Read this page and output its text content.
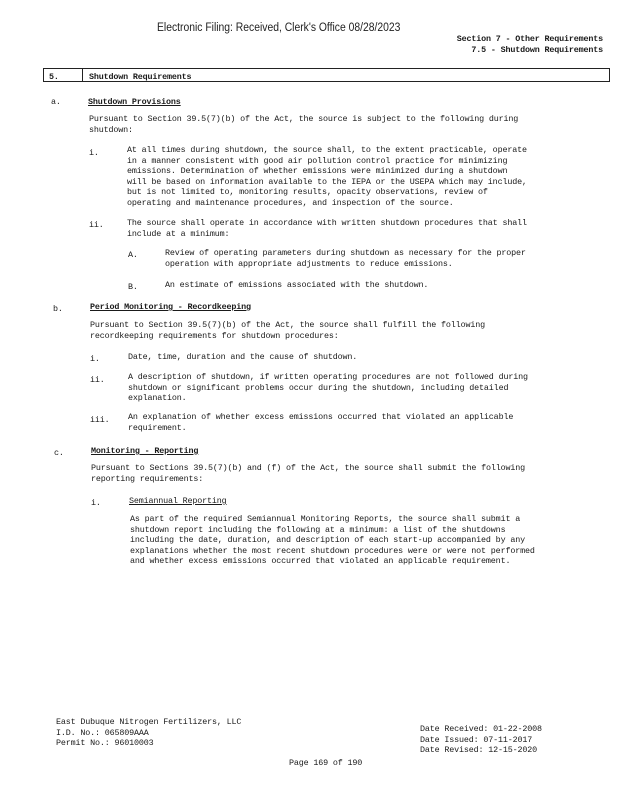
Electronic Filing: Received, Clerk's Office 08/28/2023
Section 7 - Other Requirements
7.5 - Shutdown Requirements
5.	Shutdown Requirements
a.	Shutdown Provisions
Pursuant to Section 39.5(7)(b) of the Act, the source is subject to the following during
shutdown:
i.	At all times during shutdown, the source shall, to the extent practicable, operate
in a manner consistent with good air pollution control practice for minimizing
emissions. Determination of whether emissions were minimized during a shutdown
will be based on information available to the IEPA or the USEPA which may include,
but is not limited to, monitoring results, opacity observations, review of
operating and maintenance procedures, and inspection of the source.
ii.	The source shall operate in accordance with written shutdown procedures that shall
include at a minimum:
A.	Review of operating parameters during shutdown as necessary for the proper
operation with appropriate adjustments to reduce emissions.
B.	An estimate of emissions associated with the shutdown.
b.	Period Monitoring - Recordkeeping
Pursuant to Section 39.5(7)(b) of the Act, the source shall fulfill the following
recordkeeping requirements for shutdown procedures:
i.	Date, time, duration and the cause of shutdown.
ii.	A description of shutdown, if written operating procedures are not followed during
shutdown or significant problems occur during the shutdown, including detailed
explanation.
iii. An explanation of whether excess emissions occurred that violated an applicable
requirement.
c.	Monitoring - Reporting
Pursuant to Sections 39.5(7)(b) and (f) of the Act, the source shall submit the following
reporting requirements:
i.	Semiannual Reporting
As part of the required Semiannual Monitoring Reports, the source shall submit a
shutdown report including the following at a minimum: a list of the shutdowns
including the date, duration, and description of each start-up accompanied by any
explanations whether the most recent shutdown procedures were or were not performed
and whether excess emissions occurred that violated an applicable requirement.
East Dubuque Nitrogen Fertilizers, LLC
I.D. No.: 065809AAA
Permit No.: 96010003
Date Received: 01-22-2008
Date Issued: 07-11-2017
Date Revised: 12-15-2020
Page 169 of 190
